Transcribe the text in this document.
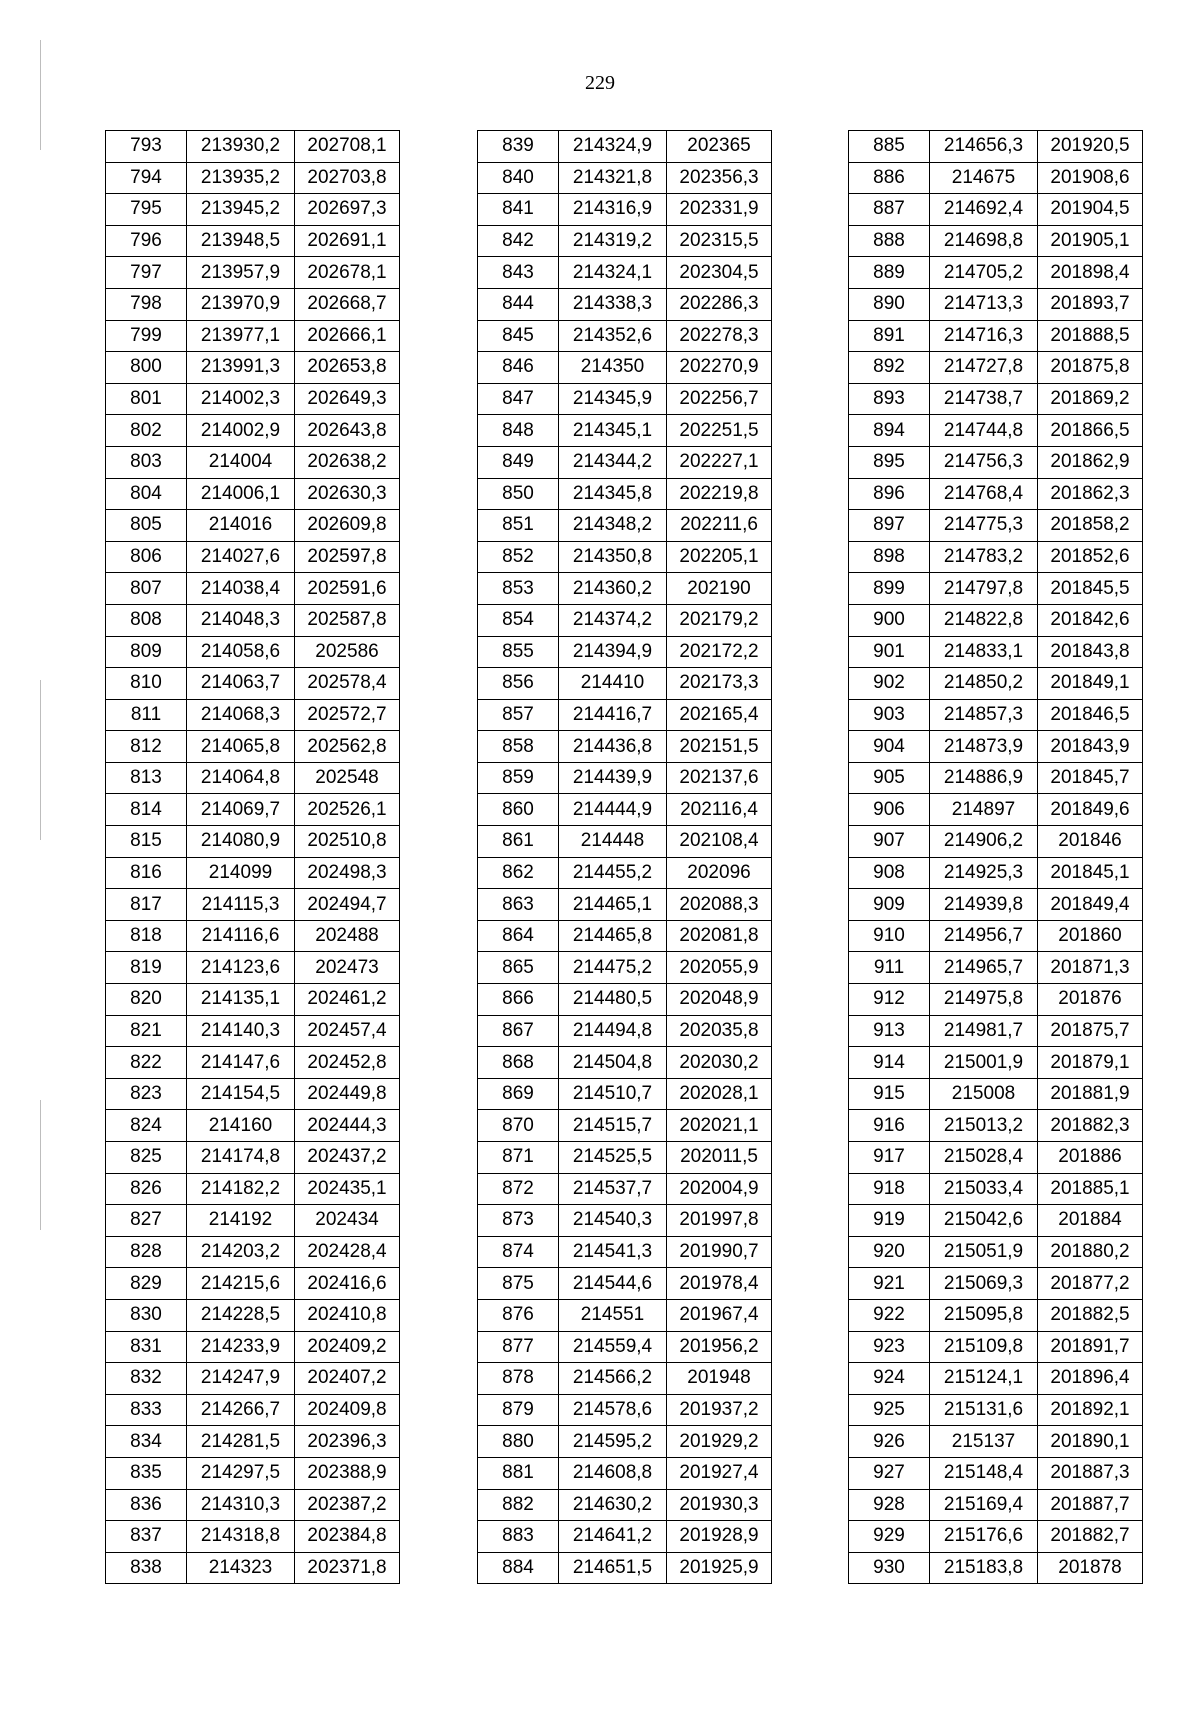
229
793	213930,2	202708,1
794	213935,2	202703,8
795	213945,2	202697,3
796	213948,5	202691,1
797	213957,9	202678,1
798	213970,9	202668,7
799	213977,1	202666,1
800	213991,3	202653,8
801	214002,3	202649,3
802	214002,9	202643,8
803	214004	202638,2
804	214006,1	202630,3
805	214016	202609,8
806	214027,6	202597,8
807	214038,4	202591,6
808	214048,3	202587,8
809	214058,6	202586
810	214063,7	202578,4
811	214068,3	202572,7
812	214065,8	202562,8
813	214064,8	202548
814	214069,7	202526,1
815	214080,9	202510,8
816	214099	202498,3
817	214115,3	202494,7
818	214116,6	202488
819	214123,6	202473
820	214135,1	202461,2
821	214140,3	202457,4
822	214147,6	202452,8
823	214154,5	202449,8
824	214160	202444,3
825	214174,8	202437,2
826	214182,2	202435,1
827	214192	202434
828	214203,2	202428,4
829	214215,6	202416,6
830	214228,5	202410,8
831	214233,9	202409,2
832	214247,9	202407,2
833	214266,7	202409,8
834	214281,5	202396,3
835	214297,5	202388,9
836	214310,3	202387,2
837	214318,8	202384,8
838	214323	202371,8
839	214324,9	202365
840	214321,8	202356,3
841	214316,9	202331,9
842	214319,2	202315,5
843	214324,1	202304,5
844	214338,3	202286,3
845	214352,6	202278,3
846	214350	202270,9
847	214345,9	202256,7
848	214345,1	202251,5
849	214344,2	202227,1
850	214345,8	202219,8
851	214348,2	202211,6
852	214350,8	202205,1
853	214360,2	202190
854	214374,2	202179,2
855	214394,9	202172,2
856	214410	202173,3
857	214416,7	202165,4
858	214436,8	202151,5
859	214439,9	202137,6
860	214444,9	202116,4
861	214448	202108,4
862	214455,2	202096
863	214465,1	202088,3
864	214465,8	202081,8
865	214475,2	202055,9
866	214480,5	202048,9
867	214494,8	202035,8
868	214504,8	202030,2
869	214510,7	202028,1
870	214515,7	202021,1
871	214525,5	202011,5
872	214537,7	202004,9
873	214540,3	201997,8
874	214541,3	201990,7
875	214544,6	201978,4
876	214551	201967,4
877	214559,4	201956,2
878	214566,2	201948
879	214578,6	201937,2
880	214595,2	201929,2
881	214608,8	201927,4
882	214630,2	201930,3
883	214641,2	201928,9
884	214651,5	201925,9
885	214656,3	201920,5
886	214675	201908,6
887	214692,4	201904,5
888	214698,8	201905,1
889	214705,2	201898,4
890	214713,3	201893,7
891	214716,3	201888,5
892	214727,8	201875,8
893	214738,7	201869,2
894	214744,8	201866,5
895	214756,3	201862,9
896	214768,4	201862,3
897	214775,3	201858,2
898	214783,2	201852,6
899	214797,8	201845,5
900	214822,8	201842,6
901	214833,1	201843,8
902	214850,2	201849,1
903	214857,3	201846,5
904	214873,9	201843,9
905	214886,9	201845,7
906	214897	201849,6
907	214906,2	201846
908	214925,3	201845,1
909	214939,8	201849,4
910	214956,7	201860
911	214965,7	201871,3
912	214975,8	201876
913	214981,7	201875,7
914	215001,9	201879,1
915	215008	201881,9
916	215013,2	201882,3
917	215028,4	201886
918	215033,4	201885,1
919	215042,6	201884
920	215051,9	201880,2
921	215069,3	201877,2
922	215095,8	201882,5
923	215109,8	201891,7
924	215124,1	201896,4
925	215131,6	201892,1
926	215137	201890,1
927	215148,4	201887,3
928	215169,4	201887,7
929	215176,6	201882,7
930	215183,8	201878
